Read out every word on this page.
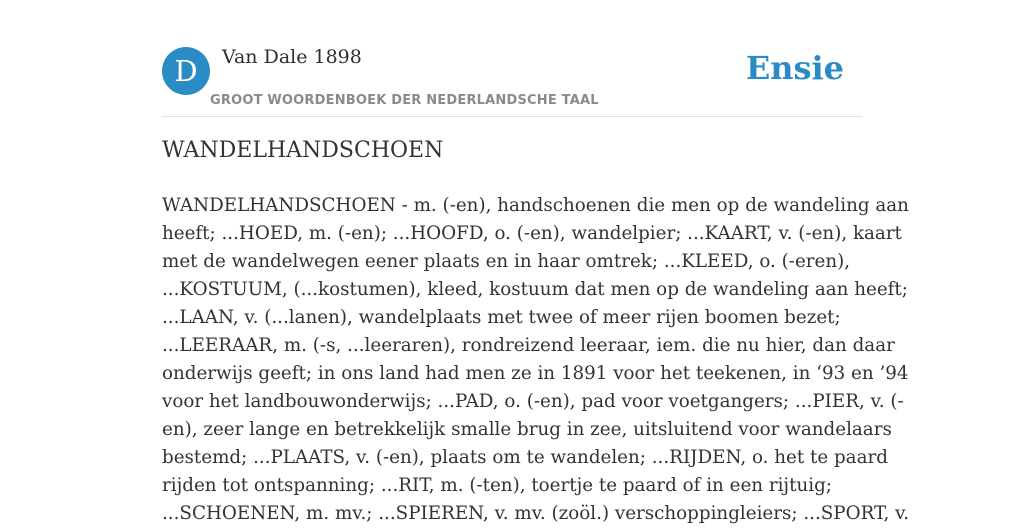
D	Van Dale 1898
GROOT WOORDENBOEK DER NEDERLANDSCHE TAAL
Ensie
WANDELHANDSCHOEN

WANDELHANDSCHOEN - m. (-en), handschoenen die men op de wandeling aan
heeft; ...HOED, m. (-en); ...HOOFD, o. (-en), wandelpier; ...KAART, v. (-en), kaart
met de wandelwegen eener plaats en in haar omtrek; ...KLEED, o. (-eren),
...KOSTUUM, (...kostumen), kleed, kostuum dat men op de wandeling aan heeft;
...LAAN, v. (...lanen), wandelplaats met twee of meer rijen boomen bezet;
...LEERAAR, m. (-s, ...leeraren), rondreizend leeraar, iem. die nu hier, dan daar
onderwijs geeft; in ons land had men ze in 1891 voor het teekenen, in ‘93 en ’94
voor het landbouwonderwijs; ...PAD, o. (-en), pad voor voetgangers; ...PIER, v. (-
en), zeer lange en betrekkelijk smalle brug in zee, uitsluitend voor wandelaars
bestemd; ...PLAATS, v. (-en), plaats om te wandelen; ...RIJDEN, o. het te paard
rijden tot ontspanning; ...RIT, m. (-ten), toertje te paard of in een rijtuig;
...SCHOENEN, m. mv.; ...SPIEREN, v. mv. (zoöl.) verschoppingleiers; ...SPORT, v.
